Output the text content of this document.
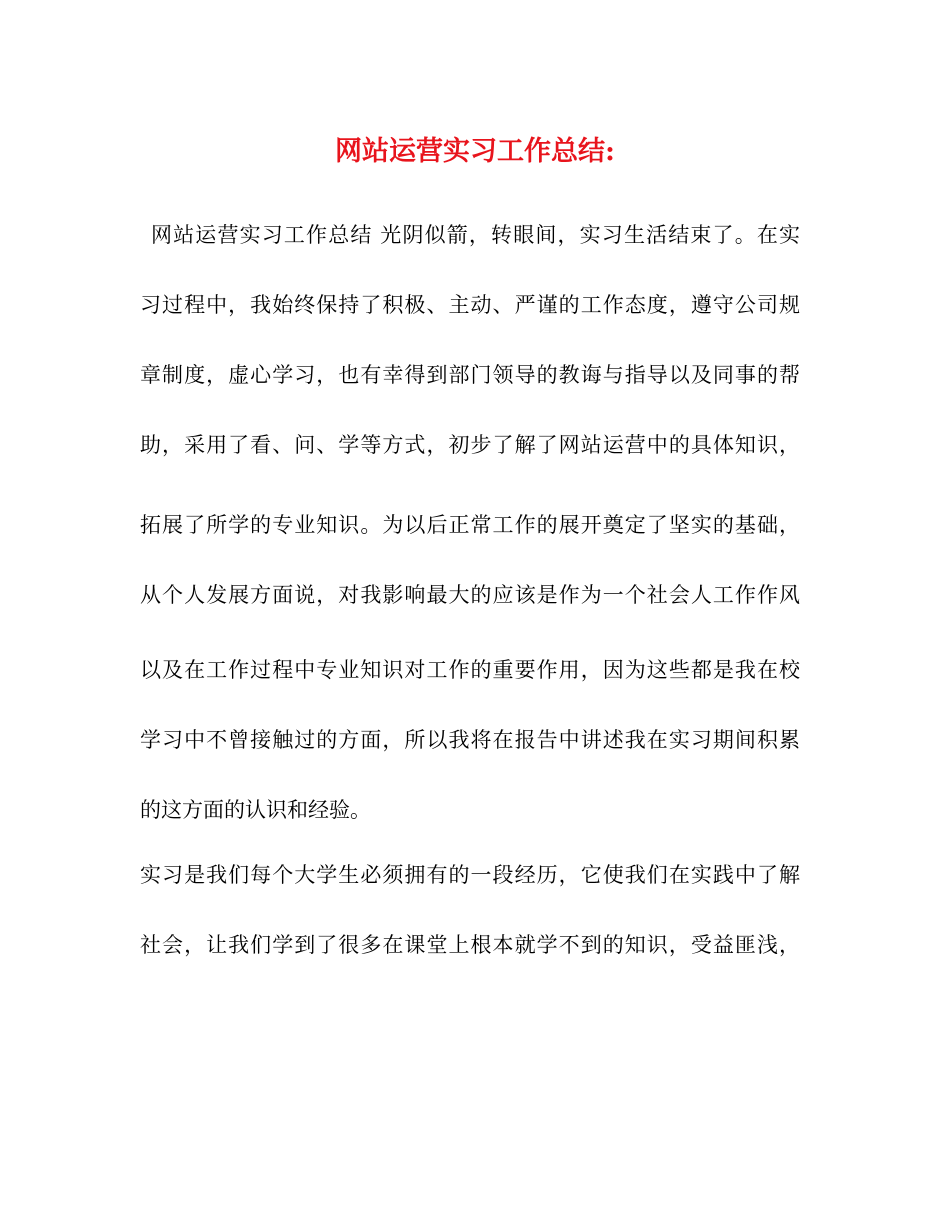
网站运营实习工作总结:
网站运营实习工作总结 光阴似箭，转眼间，实习生活结束了。在实
习过程中，我始终保持了积极、主动、严谨的工作态度，遵守公司规
章制度，虚心学习，也有幸得到部门领导的教诲与指导以及同事的帮
助，采用了看、问、学等方式，初步了解了网站运营中的具体知识，
拓展了所学的专业知识。为以后正常工作的展开奠定了坚实的基础，
从个人发展方面说，对我影响最大的应该是作为一个社会人工作作风
以及在工作过程中专业知识对工作的重要作用，因为这些都是我在校
学习中不曾接触过的方面，所以我将在报告中讲述我在实习期间积累
的这方面的认识和经验。
实习是我们每个大学生必须拥有的一段经历，它使我们在实践中了解
社会，让我们学到了很多在课堂上根本就学不到的知识，受益匪浅，
